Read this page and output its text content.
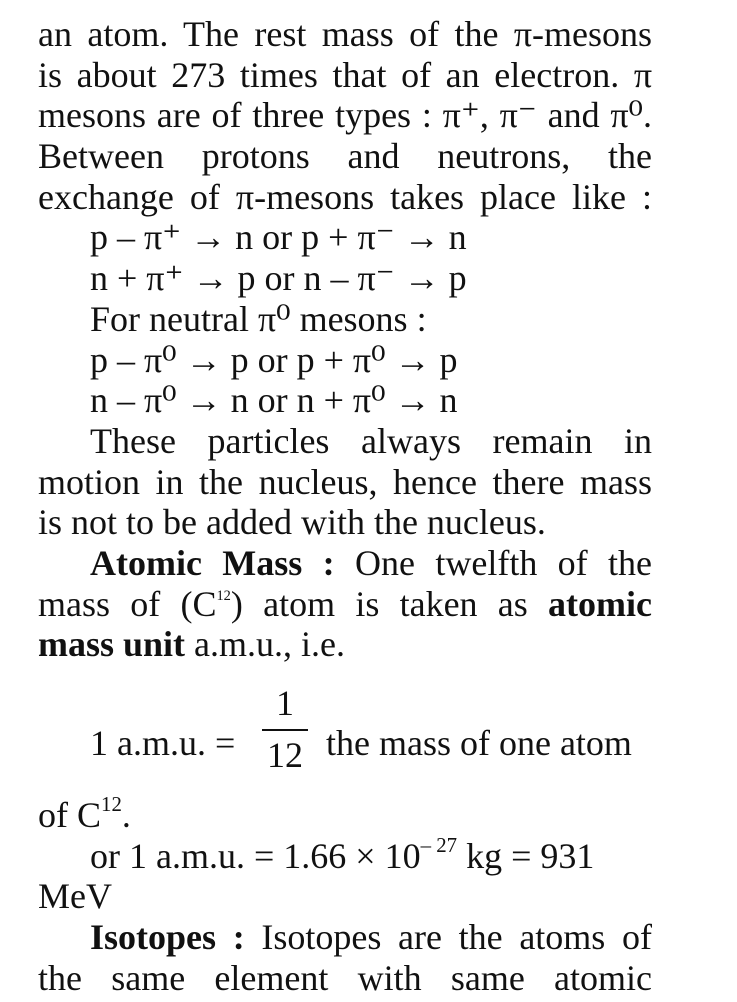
an atom. The rest mass of the π-mesons
is about 273 times that of an electron. π
mesons are of three types : π⁺, π⁻ and π⁰.
Between protons and neutrons, the
exchange of π-mesons takes place like :
p – π⁺ → n or p + π⁻ → n
n + π⁺ → p or n – π⁻ → p
For neutral π⁰ mesons :
p – π⁰ → p or p + π⁰ → p
n – π⁰ → n or n + π⁰ → n
These particles always remain in
motion in the nucleus, hence there mass
is not to be added with the nucleus.
Atomic Mass : One twelfth of the
mass of $(C^{12})$ atom is taken as atomic
mass unit a.m.u., i.e.
1 a.m.u. =
1
12 the mass of one atom
of $C^{12}$.
or 1 a.m.u. = $1.66 \times 10^{- 27}$ kg = 931
MeV
Isotopes : Isotopes are the atoms of
the same element with same atomic
